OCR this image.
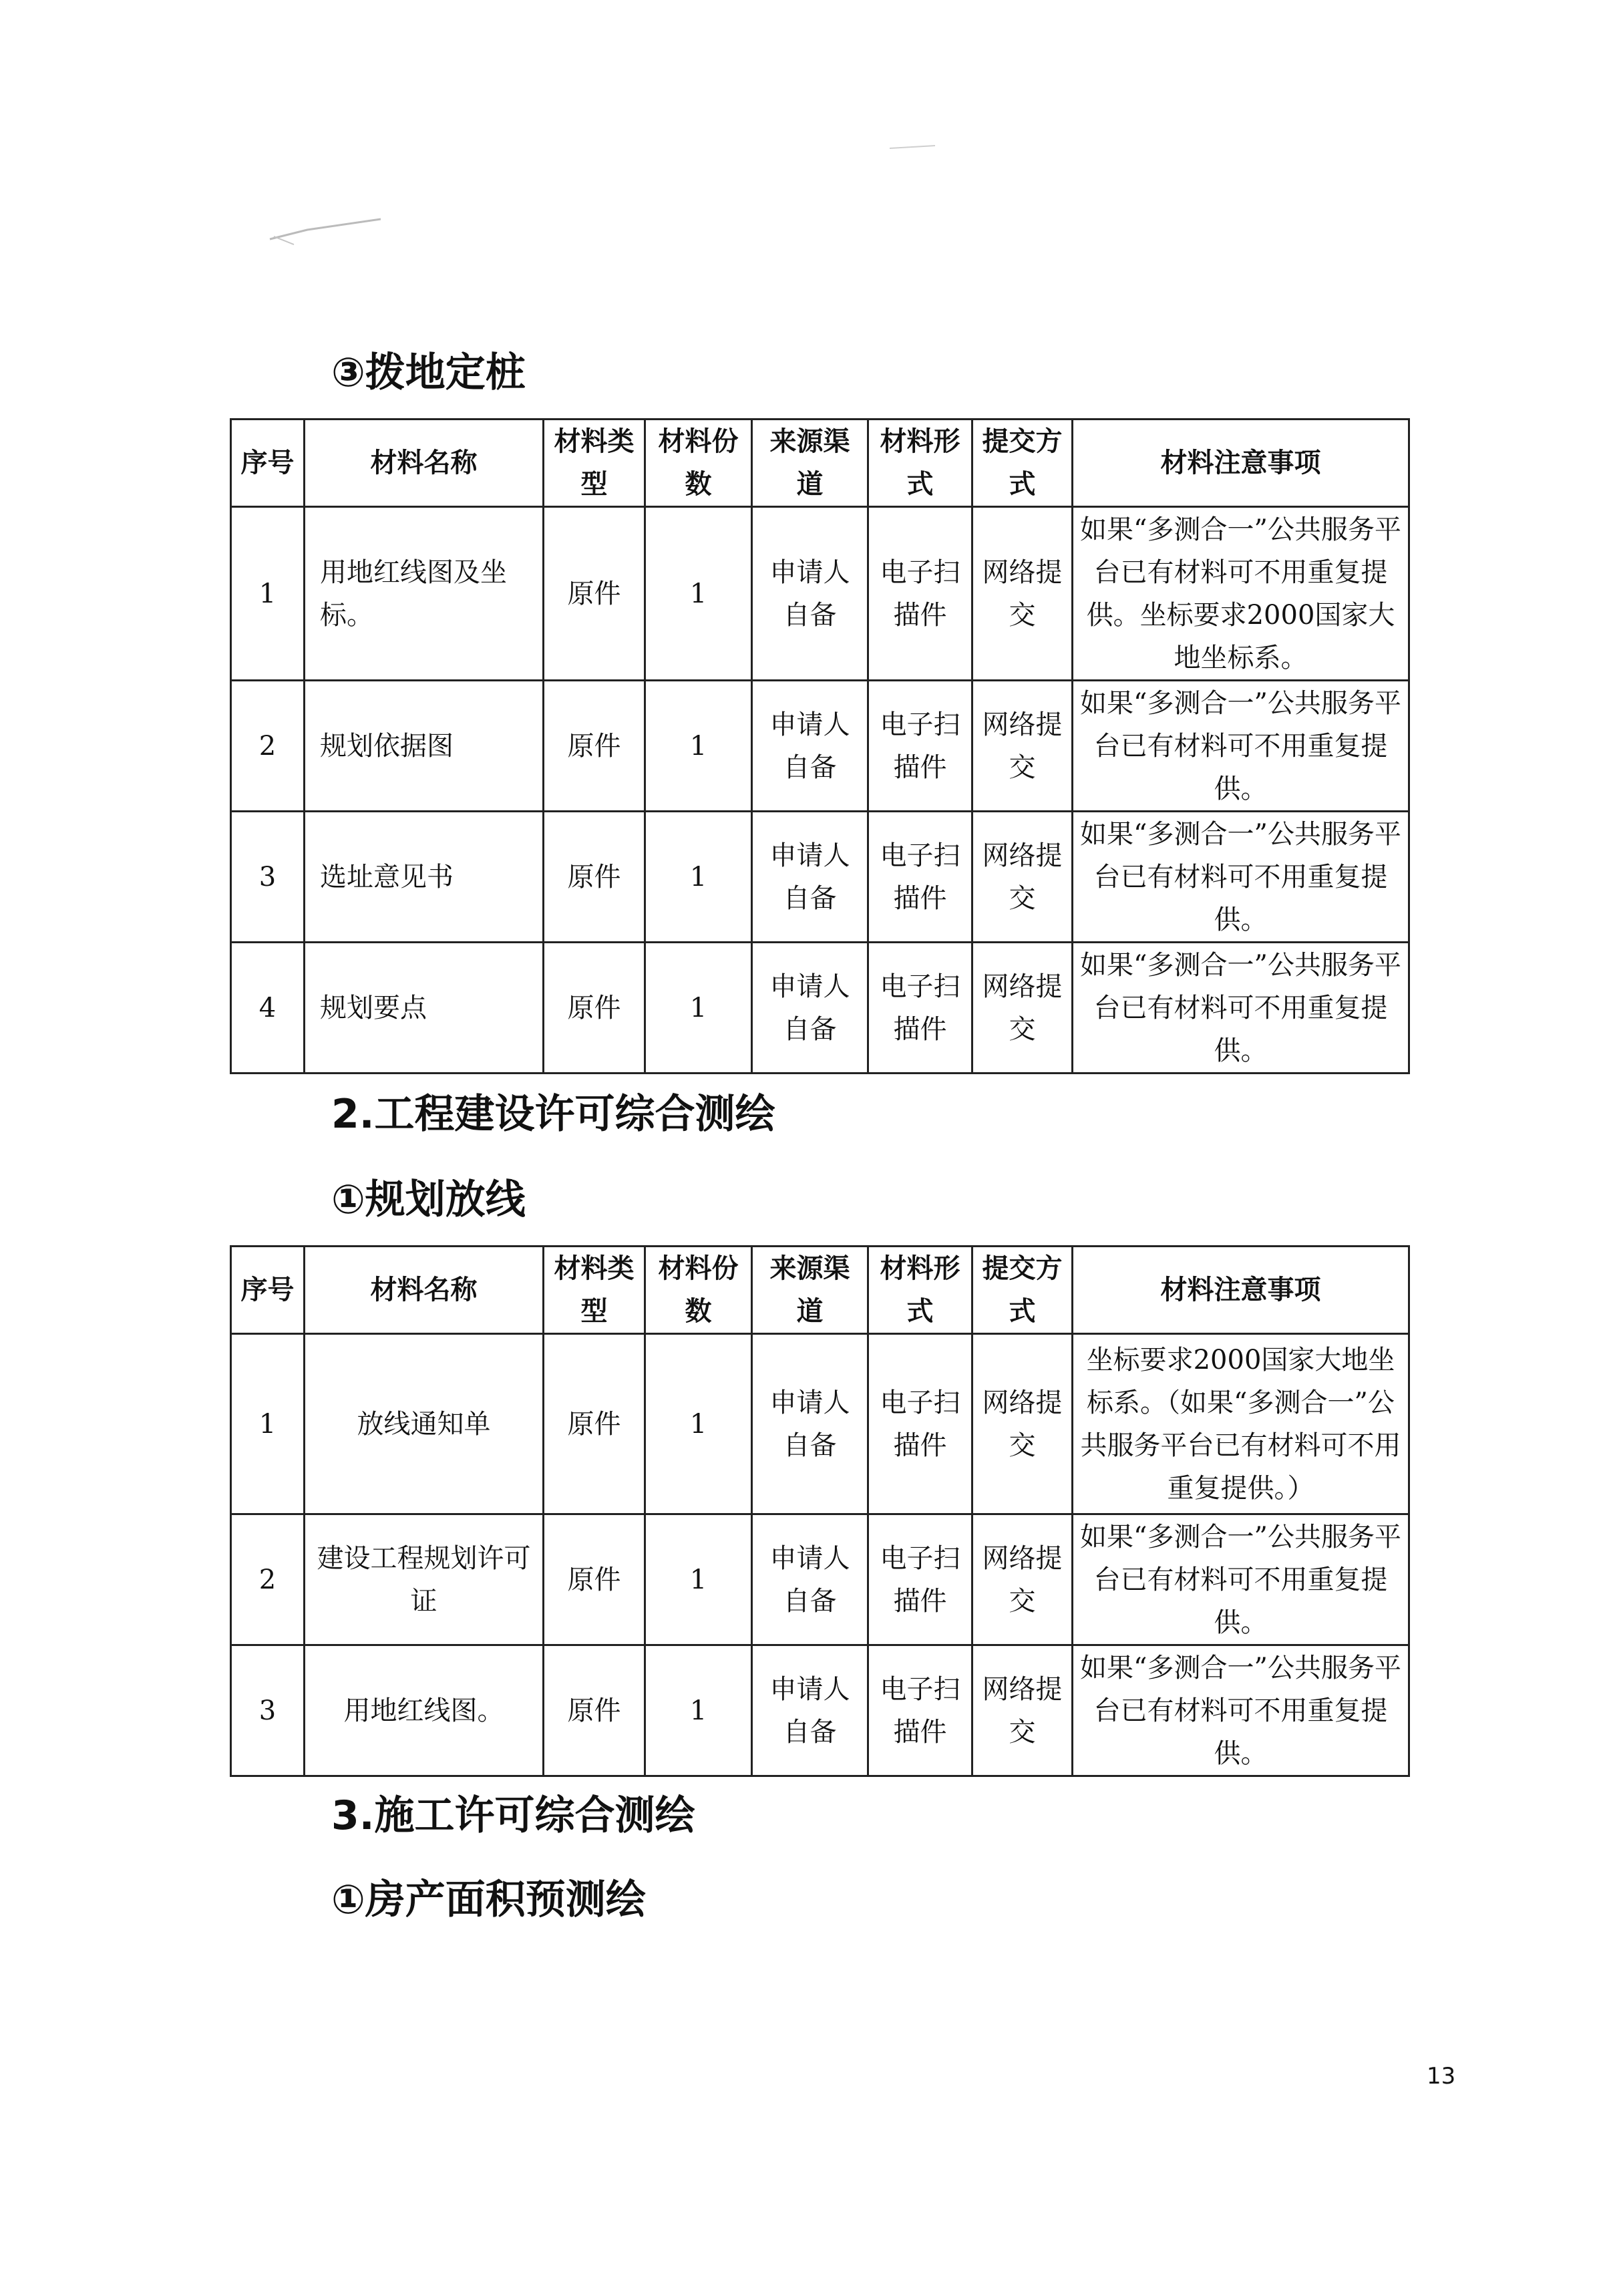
③拨地定桩
序号	材料名称	材料类型	材料份数	来源渠道	材料形式	提交方式	材料注意事项
1	用地红线图及坐标。	原件	1	申请人自备	电子扫描件	网络提交	如果“多测合一”公共服务平台已有材料可不用重复提供。坐标要求2000国家大地坐标系。
2	规划依据图	原件	1	申请人自备	电子扫描件	网络提交	如果“多测合一”公共服务平台已有材料可不用重复提供。
3	选址意见书	原件	1	申请人自备	电子扫描件	网络提交	如果“多测合一”公共服务平台已有材料可不用重复提供。
4	规划要点	原件	1	申请人自备	电子扫描件	网络提交	如果“多测合一”公共服务平台已有材料可不用重复提供。
2.工程建设许可综合测绘
①规划放线
序号	材料名称	材料类型	材料份数	来源渠道	材料形式	提交方式	材料注意事项
1	放线通知单	原件	1	申请人自备	电子扫描件	网络提交	坐标要求2000国家大地坐标系。（如果“多测合一”公共服务平台已有材料可不用重复提供。）
2	建设工程规划许可证	原件	1	申请人自备	电子扫描件	网络提交	如果“多测合一”公共服务平台已有材料可不用重复提供。
3	用地红线图。	原件	1	申请人自备	电子扫描件	网络提交	如果“多测合一”公共服务平台已有材料可不用重复提供。
3.施工许可综合测绘
①房产面积预测绘
13
